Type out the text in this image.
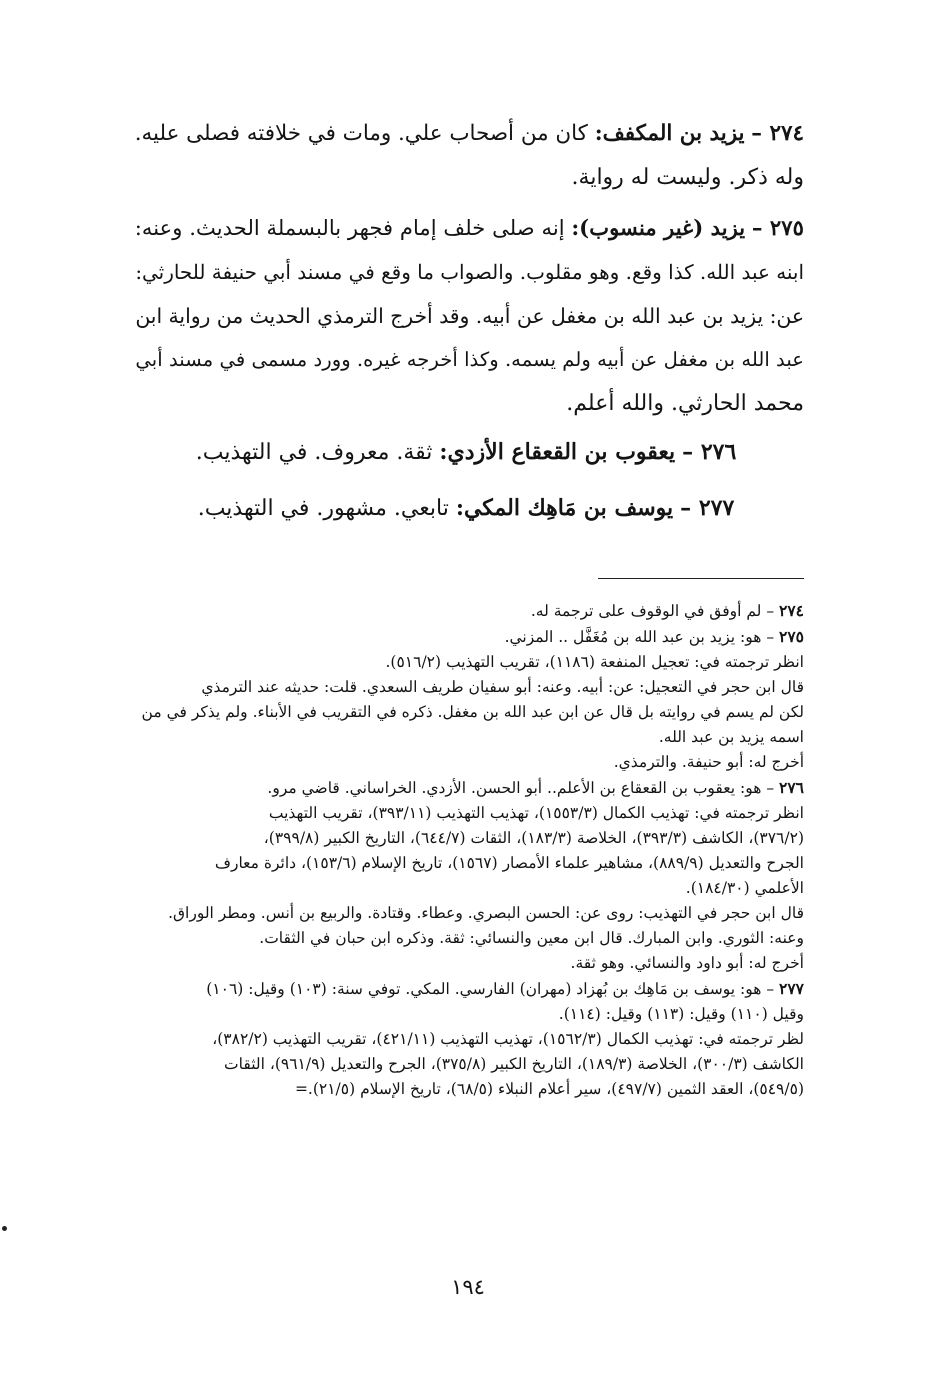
٢٧٤ – يزيد بن المكفف: كان من أصحاب علي. ومات في خلافته فصلى عليه.
وله ذكر. وليست له رواية.
٢٧٥ – يزيد (غير منسوب): إنه صلى خلف إمام فجهر بالبسملة الحديث. وعنه:
ابنه عبد الله. كذا وقع. وهو مقلوب. والصواب ما وقع في مسند أبي حنيفة للحارثي:
عن: يزيد بن عبد الله بن مغفل عن أبيه. وقد أخرج الترمذي الحديث من رواية ابن
عبد الله بن مغفل عن أبيه ولم يسمه. وكذا أخرجه غيره. وورد مسمى في مسند أبي
محمد الحارثي. والله أعلم.
٢٧٦ – يعقوب بن القعقاع الأزدي: ثقة. معروف. في التهذيب.
٢٧٧ – يوسف بن مَاهِك المكي: تابعي. مشهور. في التهذيب.
٢٧٤ – لم أوفق في الوقوف على ترجمة له.
٢٧٥ – هو: يزيد بن عبد الله بن مُغَفَّل .. المزني.
انظر ترجمته في: تعجيل المنفعة (١١٨٦)، تقريب التهذيب (٥١٦/٢).
قال ابن حجر في التعجيل: عن: أبيه. وعنه: أبو سفيان طريف السعدي. قلت: حديثه عند الترمذي
لكن لم يسم في روايته بل قال عن ابن عبد الله بن مغفل. ذكره في التقريب في الأبناء. ولم يذكر في من
اسمه يزيد بن عبد الله.
أخرج له: أبو حنيفة. والترمذي.
٢٧٦ – هو: يعقوب بن القعقاع بن الأعلم.. أبو الحسن. الأزدي. الخراساني. قاضي مرو.
انظر ترجمته في: تهذيب الكمال (١٥٥٣/٣)، تهذيب التهذيب (٣٩٣/١١)، تقريب التهذيب
(٣٧٦/٢)، الكاشف (٣٩٣/٣)، الخلاصة (١٨٣/٣)، الثقات (٦٤٤/٧)، التاريخ الكبير (٣٩٩/٨)،
الجرح والتعديل (٨٨٩/٩)، مشاهير علماء الأمصار (١٥٦٧)، تاريخ الإسلام (١٥٣/٦)، دائرة معارف
الأعلمي (١٨٤/٣٠).
قال ابن حجر في التهذيب: روى عن: الحسن البصري. وعطاء. وقتادة. والربيع بن أنس. ومطر الوراق.
وعنه: الثوري. وابن المبارك. قال ابن معين والنسائي: ثقة. وذكره ابن حبان في الثقات.
أخرج له: أبو داود والنسائي. وهو ثقة.
٢٧٧ – هو: يوسف بن مَاهِك بن بُهزاد (مهران) الفارسي. المكي. توفي سنة: (١٠٣) وقيل: (١٠٦)
وقيل (١١٠) وقيل: (١١٣) وقيل: (١١٤).
لظر ترجمته في: تهذيب الكمال (١٥٦٢/٣)، تهذيب التهذيب (٤٢١/١١)، تقريب التهذيب (٣٨٢/٢)،
الكاشف (٣٠٠/٣)، الخلاصة (١٨٩/٣)، التاريخ الكبير (٣٧٥/٨)، الجرح والتعديل (٩٦١/٩)، الثقات
(٥٤٩/٥)، العقد الثمين (٤٩٧/٧)، سير أعلام النبلاء (٦٨/٥)، تاريخ الإسلام (٢١/٥).=
١٩٤
